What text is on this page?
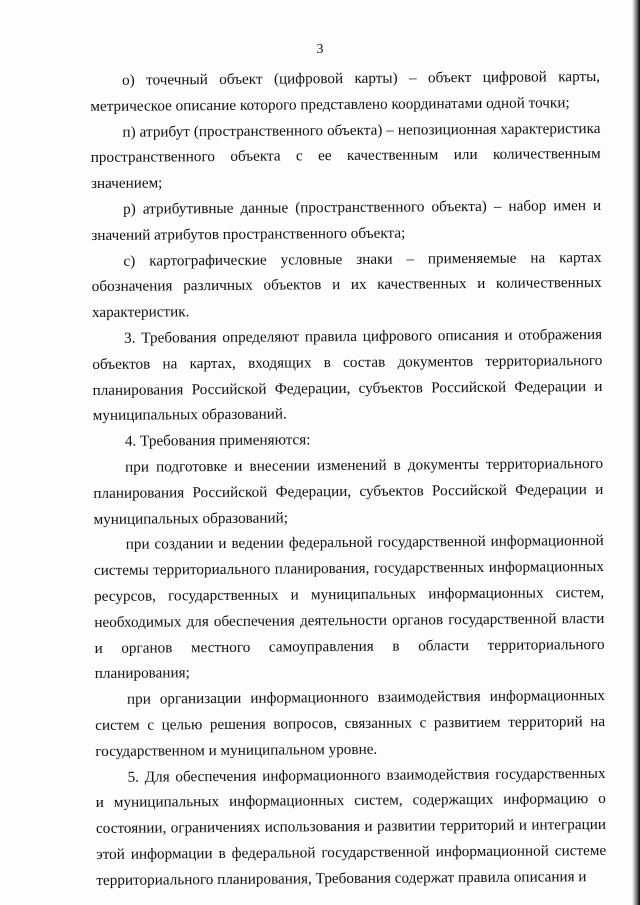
3

о) точечный объект (цифровой карты) – объект цифровой карты, метрическое описание которого представлено координатами одной точки;

п) атрибут (пространственного объекта) – непозиционная характеристика пространственного объекта с ее качественным или количественным значением;

р) атрибутивные данные (пространственного объекта) – набор имен и значений атрибутов пространственного объекта;

с) картографические условные знаки – применяемые на картах обозначения различных объектов и их качественных и количественных характеристик.

3. Требования определяют правила цифрового описания и отображения объектов на картах, входящих в состав документов территориального планирования Российской Федерации, субъектов Российской Федерации и муниципальных образований.

4. Требования применяются:

при подготовке и внесении изменений в документы территориального планирования Российской Федерации, субъектов Российской Федерации и муниципальных образований;

при создании и ведении федеральной государственной информационной системы территориального планирования, государственных информационных ресурсов, государственных и муниципальных информационных систем, необходимых для обеспечения деятельности органов государственной власти и органов местного самоуправления в области территориального планирования;

при организации информационного взаимодействия информационных систем с целью решения вопросов, связанных с развитием территорий на государственном и муниципальном уровне.

5. Для обеспечения информационного взаимодействия государственных и муниципальных информационных систем, содержащих информацию о состоянии, ограничениях использования и развитии территорий и интеграции этой информации в федеральной государственной информационной системе территориального планирования, Требования содержат правила описания и
